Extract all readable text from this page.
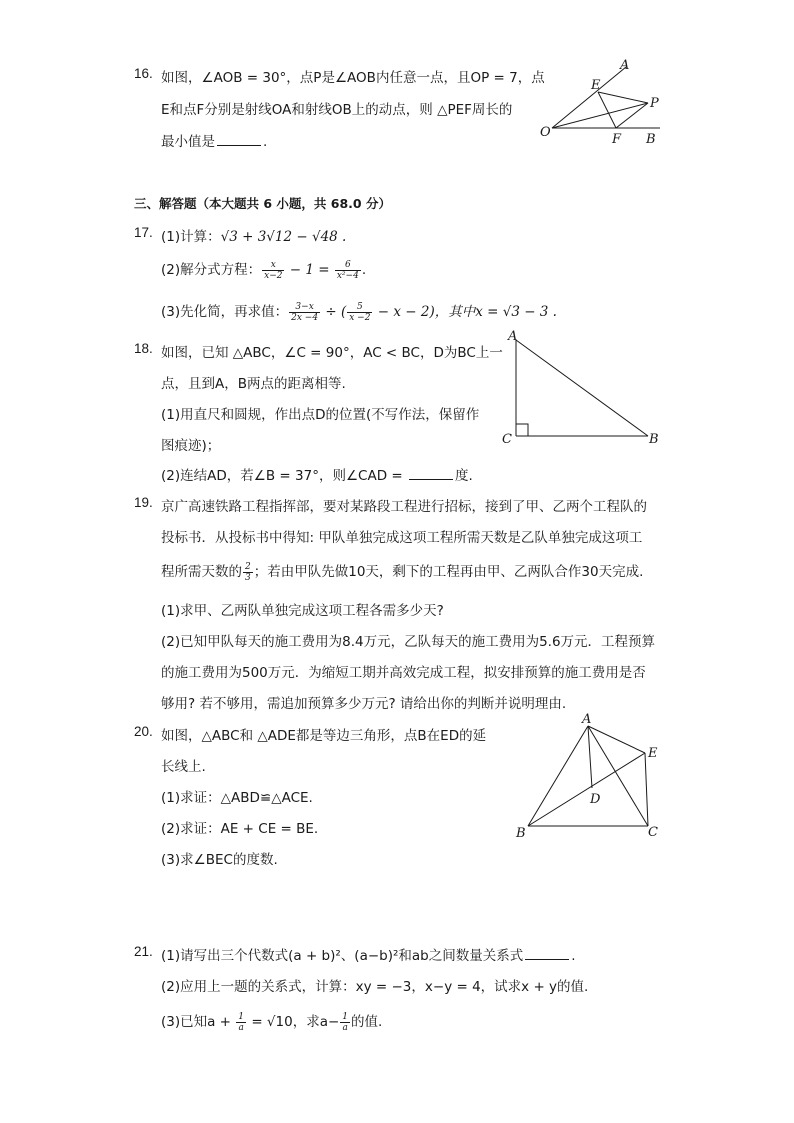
16. 如图，∠AOB = 30°，点P是∠AOB内任意一点，且OP = 7，点
E和点F分别是射线OA和射线OB上的动点，则 △PEF周长的
最小值是	.
A
E
P
O	F B
三、解答题（本大题共 6 小题，共 68.0 分）
17. (1)计算：√3 + 3√12 − √48 .
(2)解分式方程： $\frac{x}{x-2} - 1 = \frac{6}{\text{x²−4}}$ .
(3)先化简，再求值： $\frac{3-x}{2x -4}$ ÷ ( $\frac{5}{x -2} - x - 2$)，其中x = √3 − 3 .
18. 如图，已知 △ABC，∠C = 90°，AC < BC，D为BC上一
点，且到A，B两点的距离相等.
(1)用直尺和圆规，作出点D的位置(不写作法，保留作
图痕迹)；
(2)连结AD，若∠B = 37°，则∠CAD =	度.
A
C	B
19. 京广高速铁路工程指挥部，要对某路段工程进行招标，接到了甲、乙两个工程队的
投标书．从投标书中得知: 甲队单独完成这项工程所需天数是乙队单独完成这项工
程所需天数的 $\frac{2}{3}$ ；若由甲队先做10天，剩下的工程再由甲、乙两队合作30天完成.
(1)求甲、乙两队单独完成这项工程各需多少天?
(2)已知甲队每天的施工费用为8.4万元，乙队每天的施工费用为5.6万元．工程预算
的施工费用为500万元．为缩短工期并高效完成工程，拟安排预算的施工费用是否
够用? 若不够用，需追加预算多少万元? 请给出你的判断并说明理由.
20. 如图，△ABC和 △ADE都是等边三角形，点B在ED的延
长线上.
(1)求证：△ABD≌△ACE.
(2)求证：AE + CE = BE.
(3)求∠BEC的度数.
A
E
D
B	C
21. (1)请写出三个代数式(a + b)²、(a−b)²和ab之间数量关系式	.
(2)应用上一题的关系式，计算：xy = −3，x−y = 4，试求x + y的值.
(3)已知$a + \frac{1}{a} = √10$，求$a- \frac{1}{a}$ 的值.
